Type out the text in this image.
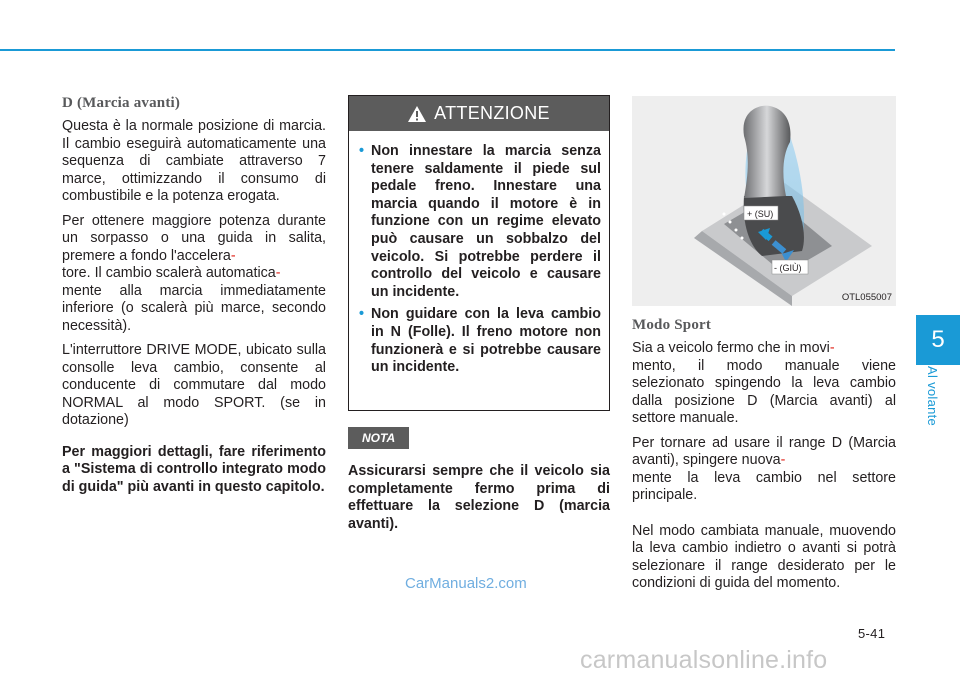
D (Marcia avanti)

Questa è la normale posizione di marcia. Il cambio eseguirà automaticamente una sequenza di cambiate attraverso 7 marce, ottimizzando il consumo di combustibile e la potenza erogata.

Per ottenere maggiore potenza durante un sorpasso o una guida in salita, premere a fondo l'accelera-
tore. Il cambio scalerà automatica-
mente alla marcia immediatamente inferiore (o scalerà più marce, secondo necessità).

L'interruttore DRIVE MODE, ubicato sulla consolle leva cambio, consente al conducente di commutare dal modo NORMAL al modo SPORT. (se in dotazione)

Per maggiori dettagli, fare riferimento a "Sistema di controllo integrato modo di guida" più avanti in questo capitolo.

ATTENZIONE
• Non innestare la marcia senza tenere saldamente il piede sul pedale freno. Innestare una marcia quando il motore è in funzione con un regime elevato può causare un sobbalzo del veicolo. Si potrebbe perdere il controllo del veicolo e causare un incidente.
• Non guidare con la leva cambio in N (Folle). Il freno motore non funzionerà e si potrebbe causare un incidente.
NOTA

Assicurarsi sempre che il veicolo sia completamente fermo prima di effettuare la selezione D (marcia avanti).

+ (SU)
- (GIÙ)
OTL055007
Modo Sport

Sia a veicolo fermo che in movi-
mento, il modo manuale viene selezionato spingendo la leva cambio dalla posizione D (Marcia avanti) al settore manuale.

Per tornare ad usare il range D (Marcia avanti), spingere nuova-
mente la leva cambio nel settore principale.

Nel modo cambiata manuale, muovendo la leva cambio indietro o avanti si potrà selezionare il range desiderato per le condizioni di guida del momento.

5
Al volante
CarManuals2.com
5-41
carmanualsonline.info
